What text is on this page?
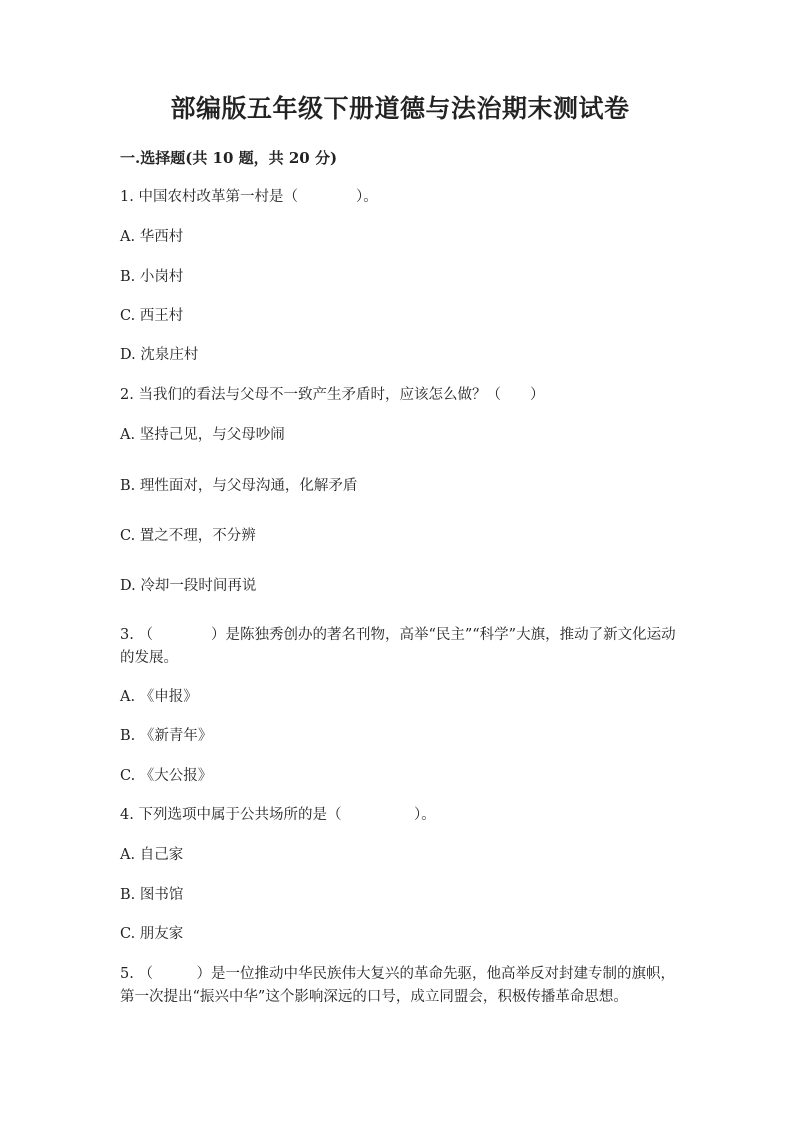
部编版五年级下册道德与法治期末测试卷

一.选择题(共 10 题，共 20 分)

1. 中国农村改革第一村是（　　　　）。

A. 华西村

B. 小岗村

C. 西王村

D. 沈泉庄村

2. 当我们的看法与父母不一致产生矛盾时，应该怎么做？（　　）

A. 坚持己见，与父母吵闹

B. 理性面对，与父母沟通，化解矛盾

C. 置之不理，不分辨

D. 冷却一段时间再说

3. （　　　　）是陈独秀创办的著名刊物，高举“民主”“科学”大旗，推动了新文化运动的发展。

A. 《申报》

B. 《新青年》

C. 《大公报》

4. 下列选项中属于公共场所的是（　　　　　）。

A. 自己家

B. 图书馆

C. 朋友家

5. （　　　）是一位推动中华民族伟大复兴的革命先驱，他高举反对封建专制的旗帜，第一次提出“振兴中华”这个影响深远的口号，成立同盟会，积极传播革命思想。
